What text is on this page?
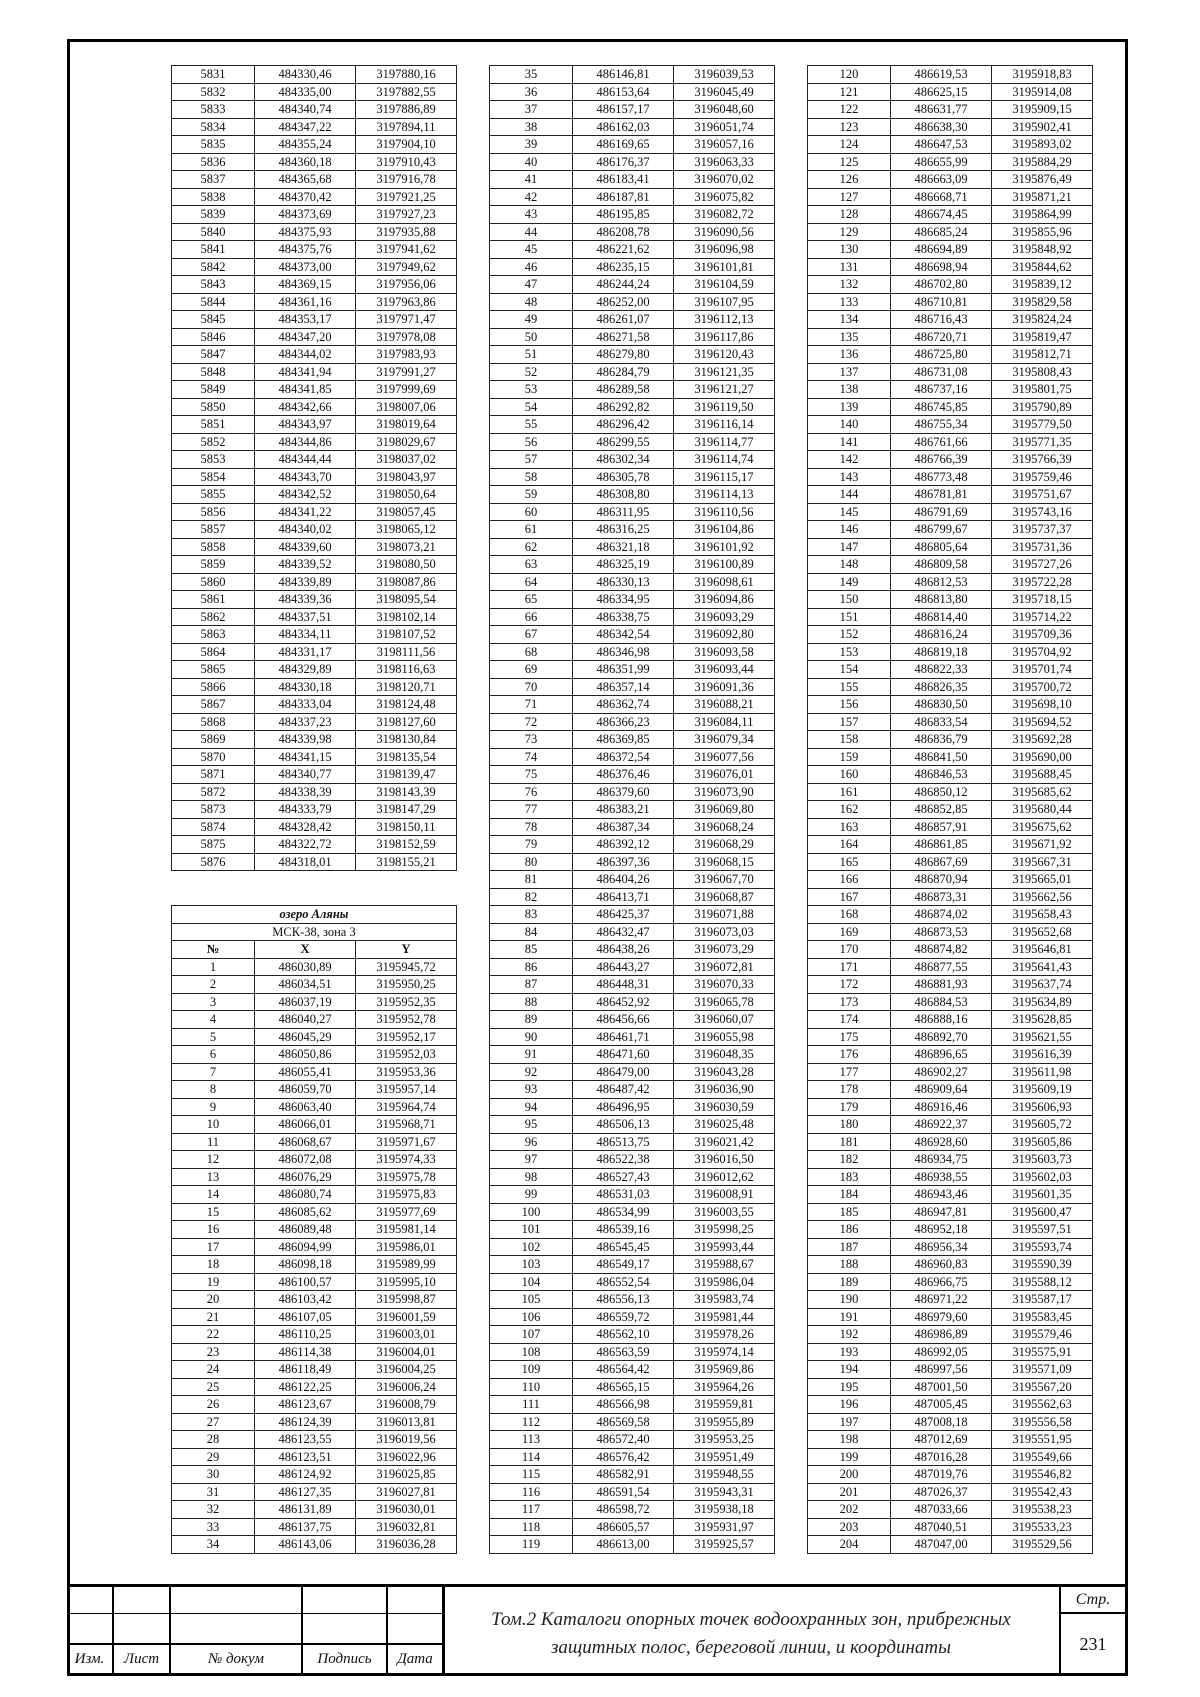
5831	484330,46	3197880,16
5832	484335,00	3197882,55
5833	484340,74	3197886,89
5834	484347,22	3197894,11
5835	484355,24	3197904,10
5836	484360,18	3197910,43
5837	484365,68	3197916,78
5838	484370,42	3197921,25
5839	484373,69	3197927,23
5840	484375,93	3197935,88
5841	484375,76	3197941,62
5842	484373,00	3197949,62
5843	484369,15	3197956,06
5844	484361,16	3197963,86
5845	484353,17	3197971,47
5846	484347,20	3197978,08
5847	484344,02	3197983,93
5848	484341,94	3197991,27
5849	484341,85	3197999,69
5850	484342,66	3198007,06
5851	484343,97	3198019,64
5852	484344,86	3198029,67
5853	484344,44	3198037,02
5854	484343,70	3198043,97
5855	484342,52	3198050,64
5856	484341,22	3198057,45
5857	484340,02	3198065,12
5858	484339,60	3198073,21
5859	484339,52	3198080,50
5860	484339,89	3198087,86
5861	484339,36	3198095,54
5862	484337,51	3198102,14
5863	484334,11	3198107,52
5864	484331,17	3198111,56
5865	484329,89	3198116,63
5866	484330,18	3198120,71
5867	484333,04	3198124,48
5868	484337,23	3198127,60
5869	484339,98	3198130,84
5870	484341,15	3198135,54
5871	484340,77	3198139,47
5872	484338,39	3198143,39
5873	484333,79	3198147,29
5874	484328,42	3198150,11
5875	484322,72	3198152,59
5876	484318,01	3198155,21
озеро Аляны
МСК-38, зона 3
№	X	Y
1	486030,89	3195945,72
2	486034,51	3195950,25
3	486037,19	3195952,35
4	486040,27	3195952,78
5	486045,29	3195952,17
6	486050,86	3195952,03
7	486055,41	3195953,36
8	486059,70	3195957,14
9	486063,40	3195964,74
10	486066,01	3195968,71
11	486068,67	3195971,67
12	486072,08	3195974,33
13	486076,29	3195975,78
14	486080,74	3195975,83
15	486085,62	3195977,69
16	486089,48	3195981,14
17	486094,99	3195986,01
18	486098,18	3195989,99
19	486100,57	3195995,10
20	486103,42	3195998,87
21	486107,05	3196001,59
22	486110,25	3196003,01
23	486114,38	3196004,01
24	486118,49	3196004,25
25	486122,25	3196006,24
26	486123,67	3196008,79
27	486124,39	3196013,81
28	486123,55	3196019,56
29	486123,51	3196022,96
30	486124,92	3196025,85
31	486127,35	3196027,81
32	486131,89	3196030,01
33	486137,75	3196032,81
34	486143,06	3196036,28
35	486146,81	3196039,53
36	486153,64	3196045,49
37	486157,17	3196048,60
38	486162,03	3196051,74
39	486169,65	3196057,16
40	486176,37	3196063,33
41	486183,41	3196070,02
42	486187,81	3196075,82
43	486195,85	3196082,72
44	486208,78	3196090,56
45	486221,62	3196096,98
46	486235,15	3196101,81
47	486244,24	3196104,59
48	486252,00	3196107,95
49	486261,07	3196112,13
50	486271,58	3196117,86
51	486279,80	3196120,43
52	486284,79	3196121,35
53	486289,58	3196121,27
54	486292,82	3196119,50
55	486296,42	3196116,14
56	486299,55	3196114,77
57	486302,34	3196114,74
58	486305,78	3196115,17
59	486308,80	3196114,13
60	486311,95	3196110,56
61	486316,25	3196104,86
62	486321,18	3196101,92
63	486325,19	3196100,89
64	486330,13	3196098,61
65	486334,95	3196094,86
66	486338,75	3196093,29
67	486342,54	3196092,80
68	486346,98	3196093,58
69	486351,99	3196093,44
70	486357,14	3196091,36
71	486362,74	3196088,21
72	486366,23	3196084,11
73	486369,85	3196079,34
74	486372,54	3196077,56
75	486376,46	3196076,01
76	486379,60	3196073,90
77	486383,21	3196069,80
78	486387,34	3196068,24
79	486392,12	3196068,29
80	486397,36	3196068,15
81	486404,26	3196067,70
82	486413,71	3196068,87
83	486425,37	3196071,88
84	486432,47	3196073,03
85	486438,26	3196073,29
86	486443,27	3196072,81
87	486448,31	3196070,33
88	486452,92	3196065,78
89	486456,66	3196060,07
90	486461,71	3196055,98
91	486471,60	3196048,35
92	486479,00	3196043,28
93	486487,42	3196036,90
94	486496,95	3196030,59
95	486506,13	3196025,48
96	486513,75	3196021,42
97	486522,38	3196016,50
98	486527,43	3196012,62
99	486531,03	3196008,91
100	486534,99	3196003,55
101	486539,16	3195998,25
102	486545,45	3195993,44
103	486549,17	3195988,67
104	486552,54	3195986,04
105	486556,13	3195983,74
106	486559,72	3195981,44
107	486562,10	3195978,26
108	486563,59	3195974,14
109	486564,42	3195969,86
110	486565,15	3195964,26
111	486566,98	3195959,81
112	486569,58	3195955,89
113	486572,40	3195953,25
114	486576,42	3195951,49
115	486582,91	3195948,55
116	486591,54	3195943,31
117	486598,72	3195938,18
118	486605,57	3195931,97
119	486613,00	3195925,57
120	486619,53	3195918,83
121	486625,15	3195914,08
122	486631,77	3195909,15
123	486638,30	3195902,41
124	486647,53	3195893,02
125	486655,99	3195884,29
126	486663,09	3195876,49
127	486668,71	3195871,21
128	486674,45	3195864,99
129	486685,24	3195855,96
130	486694,89	3195848,92
131	486698,94	3195844,62
132	486702,80	3195839,12
133	486710,81	3195829,58
134	486716,43	3195824,24
135	486720,71	3195819,47
136	486725,80	3195812,71
137	486731,08	3195808,43
138	486737,16	3195801,75
139	486745,85	3195790,89
140	486755,34	3195779,50
141	486761,66	3195771,35
142	486766,39	3195766,39
143	486773,48	3195759,46
144	486781,81	3195751,67
145	486791,69	3195743,16
146	486799,67	3195737,37
147	486805,64	3195731,36
148	486809,58	3195727,26
149	486812,53	3195722,28
150	486813,80	3195718,15
151	486814,40	3195714,22
152	486816,24	3195709,36
153	486819,18	3195704,92
154	486822,33	3195701,74
155	486826,35	3195700,72
156	486830,50	3195698,10
157	486833,54	3195694,52
158	486836,79	3195692,28
159	486841,50	3195690,00
160	486846,53	3195688,45
161	486850,12	3195685,62
162	486852,85	3195680,44
163	486857,91	3195675,62
164	486861,85	3195671,92
165	486867,69	3195667,31
166	486870,94	3195665,01
167	486873,31	3195662,56
168	486874,02	3195658,43
169	486873,53	3195652,68
170	486874,82	3195646,81
171	486877,55	3195641,43
172	486881,93	3195637,74
173	486884,53	3195634,89
174	486888,16	3195628,85
175	486892,70	3195621,55
176	486896,65	3195616,39
177	486902,27	3195611,98
178	486909,64	3195609,19
179	486916,46	3195606,93
180	486922,37	3195605,72
181	486928,60	3195605,86
182	486934,75	3195603,73
183	486938,55	3195602,03
184	486943,46	3195601,35
185	486947,81	3195600,47
186	486952,18	3195597,51
187	486956,34	3195593,74
188	486960,83	3195590,39
189	486966,75	3195588,12
190	486971,22	3195587,17
191	486979,60	3195583,45
192	486986,89	3195579,46
193	486992,05	3195575,91
194	486997,56	3195571,09
195	487001,50	3195567,20
196	487005,45	3195562,63
197	487008,18	3195556,58
198	487012,69	3195551,95
199	487016,28	3195549,66
200	487019,76	3195546,82
201	487026,37	3195542,43
202	487033,66	3195538,23
203	487040,51	3195533,23
204	487047,00	3195529,56
Изм.	Лист	№ докум	Подпись	Дата
Том.2 Каталоги опорных точек водоохранных зон, прибрежных
защитных полос, береговой линии, и координаты
Стр.
231
